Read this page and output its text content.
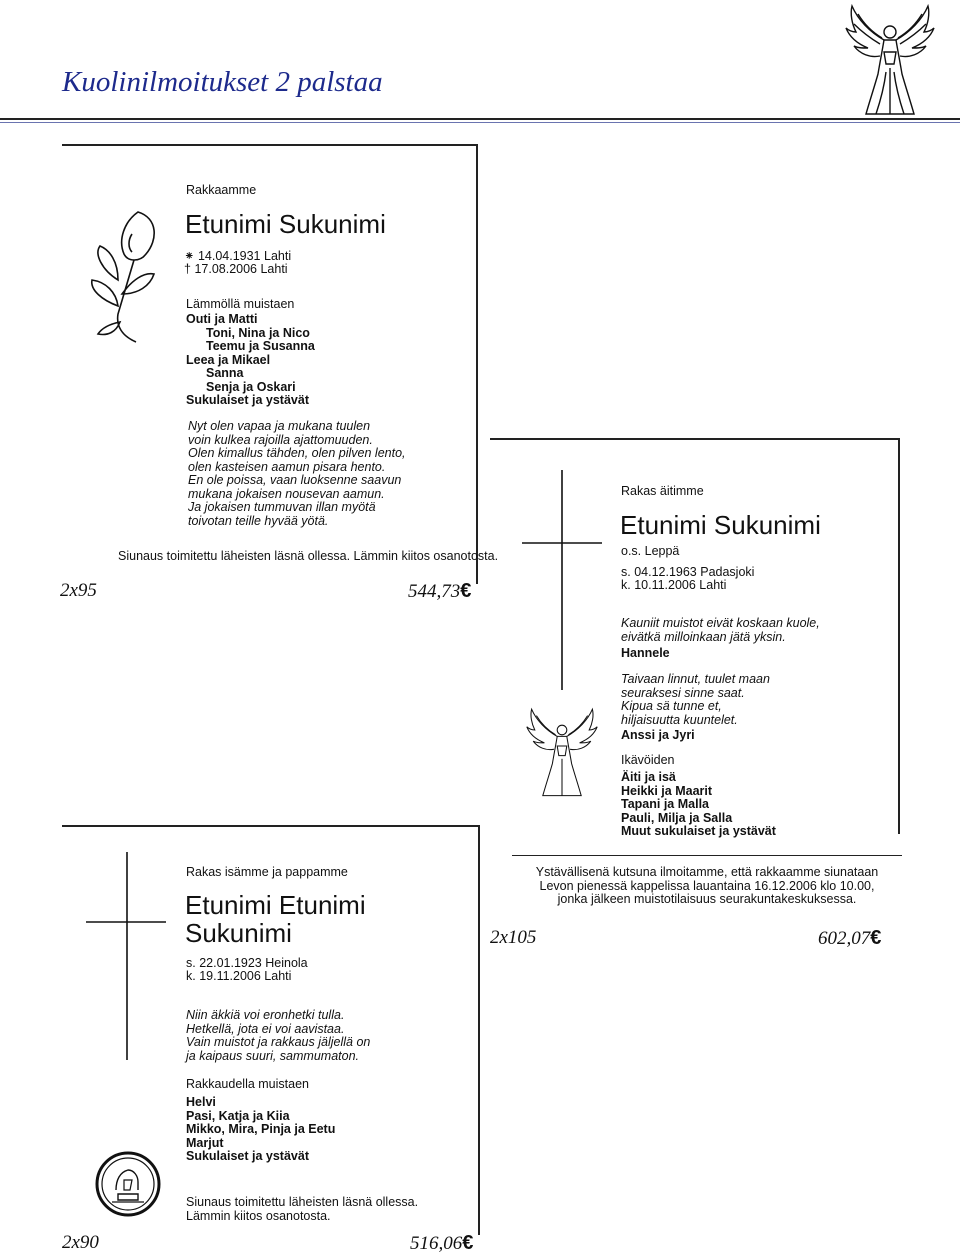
Kuolinilmoitukset 2 palstaa
Rakkaamme
Etunimi Sukunimi
⁕ 14.04.1931 Lahti
† 17.08.2006 Lahti
Lämmöllä muistaen
Outi ja Matti
Toni, Nina ja Nico
Teemu ja Susanna
Leea ja Mikael
Sanna
Senja ja Oskari
Sukulaiset ja ystävät
Nyt olen vapaa ja mukana tuulen
voin kulkea rajoilla ajattomuuden.
Olen kimallus tähden, olen pilven lento,
olen kasteisen aamun pisara hento.
En ole poissa, vaan luoksenne saavun
mukana jokaisen nousevan aamun.
Ja jokaisen tummuvan illan myötä
toivotan teille hyvää yötä.
Siunaus toimitettu läheisten läsnä ollessa. Lämmin kiitos osanotosta.
2x95	544,73€
Rakas äitimme
Etunimi Sukunimi
o.s. Leppä
s. 04.12.1963 Padasjoki
k. 10.11.2006 Lahti
Kauniit muistot eivät koskaan kuole,
eivätkä milloinkaan jätä yksin.
Hannele
Taivaan linnut, tuulet maan
seuraksesi sinne saat.
Kipua sä tunne et,
hiljaisuutta kuuntelet.
Anssi ja Jyri
Ikävöiden
Äiti ja isä
Heikki ja Maarit
Tapani ja Malla
Pauli, Milja ja Salla
Muut sukulaiset ja ystävät
Ystävällisenä kutsuna ilmoitamme, että rakkaamme siunataan
Levon pienessä kappelissa lauantaina 16.12.2006 klo 10.00,
jonka jälkeen muistotilaisuus seurakuntakeskuksessa.
2x105	602,07€
Rakas isämme ja pappamme
Etunimi Etunimi
Sukunimi
s. 22.01.1923 Heinola
k. 19.11.2006 Lahti
Niin äkkiä voi eronhetki tulla.
Hetkellä, jota ei voi aavistaa.
Vain muistot ja rakkaus jäljellä on
ja kaipaus suuri, sammumaton.
Rakkaudella muistaen
Helvi
Pasi, Katja ja Kiia
Mikko, Mira, Pinja ja Eetu
Marjut
Sukulaiset ja ystävät
Siunaus toimitettu läheisten läsnä ollessa.
Lämmin kiitos osanotosta.
2x90	516,06€
